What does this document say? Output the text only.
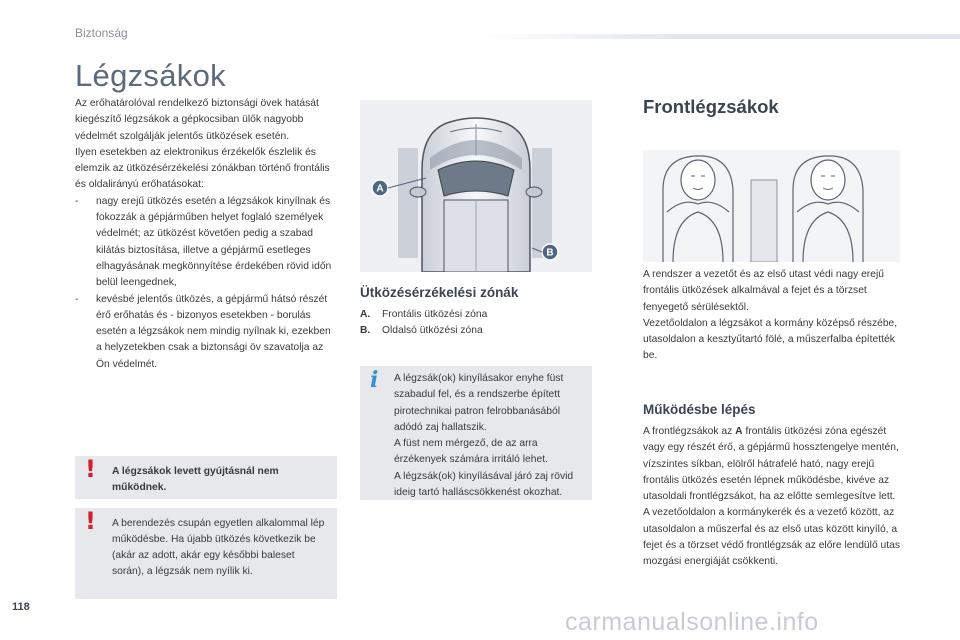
Biztonság
Légzsákok

Az erőhatárolóval rendelkező biztonsági övek hatását kiegészítő légzsákok a gépkocsiban ülők nagyobb védelmét szolgálják jelentős ütközések esetén.

Ilyen esetekben az elektronikus érzékelők észlelik és elemzik az ütközésérzékelési zónákban történő frontális és oldalirányú erőhatásokat:

- nagy erejű ütközés esetén a légzsákok kinyílnak és fokozzák a gépjárműben helyet foglaló személyek védelmét; az ütközést követően pedig a szabad kilátás biztosítása, illetve a gépjármű esetleges elhagyásának megkönnyítése érdekében rövid időn belül leengednek,
- kevésbé jelentős ütközés, a gépjármű hátsó részét érő erőhatás és - bizonyos esetekben - borulás esetén a légzsákok nem mindig nyílnak ki, ezekben a helyzetekben csak a biztonsági öv szavatolja az Ön védelmét.
! A légzsákok levett gyújtásnál nem működnek.
! A berendezés csupán egyetlen alkalommal lép működésbe. Ha újabb ütközés következik be (akár az adott, akár egy későbbi baleset során), a légzsák nem nyílik ki.
A
B
Ütközésérzékelési zónák
A. Frontális ütközési zóna
B. Oldalsó ütközési zóna
i A légzsák(ok) kinyílásakor enyhe füst szabadul fel, és a rendszerbe épített pirotechnikai patron felrobbanásából adódó zaj hallatszik.

A füst nem mérgező, de az arra érzékenyek számára irritáló lehet.

A légzsák(ok) kinyílásával járó zaj rövid ideig tartó halláscsökkenést okozhat.

Frontlégzsákok

A rendszer a vezetőt és az első utast védi nagy erejű frontális ütközések alkalmával a fejet és a törzset fenyegető sérülésektől.

Vezetőoldalon a légzsákot a kormány középső részébe, utasoldalon a kesztyűtartó fölé, a műszerfalba építették be.

Működésbe lépés

A frontlégzsákok az A frontális ütközési zóna egészét vagy egy részét érő, a gépjármű hossztengelye mentén, vízszintes síkban, elölről hátrafelé ható, nagy erejű frontális ütközés esetén lépnek működésbe, kivéve az utasoldali frontlégzsákot, ha az előtte semlegesítve lett.

A vezetőoldalon a kormánykerék és a vezető között, az utasoldalon a műszerfal és az első utas között kinyíló, a fejet és a törzset védő frontlégzsák az előre lendülő utas mozgási energiáját csökkenti.

118
carmanualsonline.info
